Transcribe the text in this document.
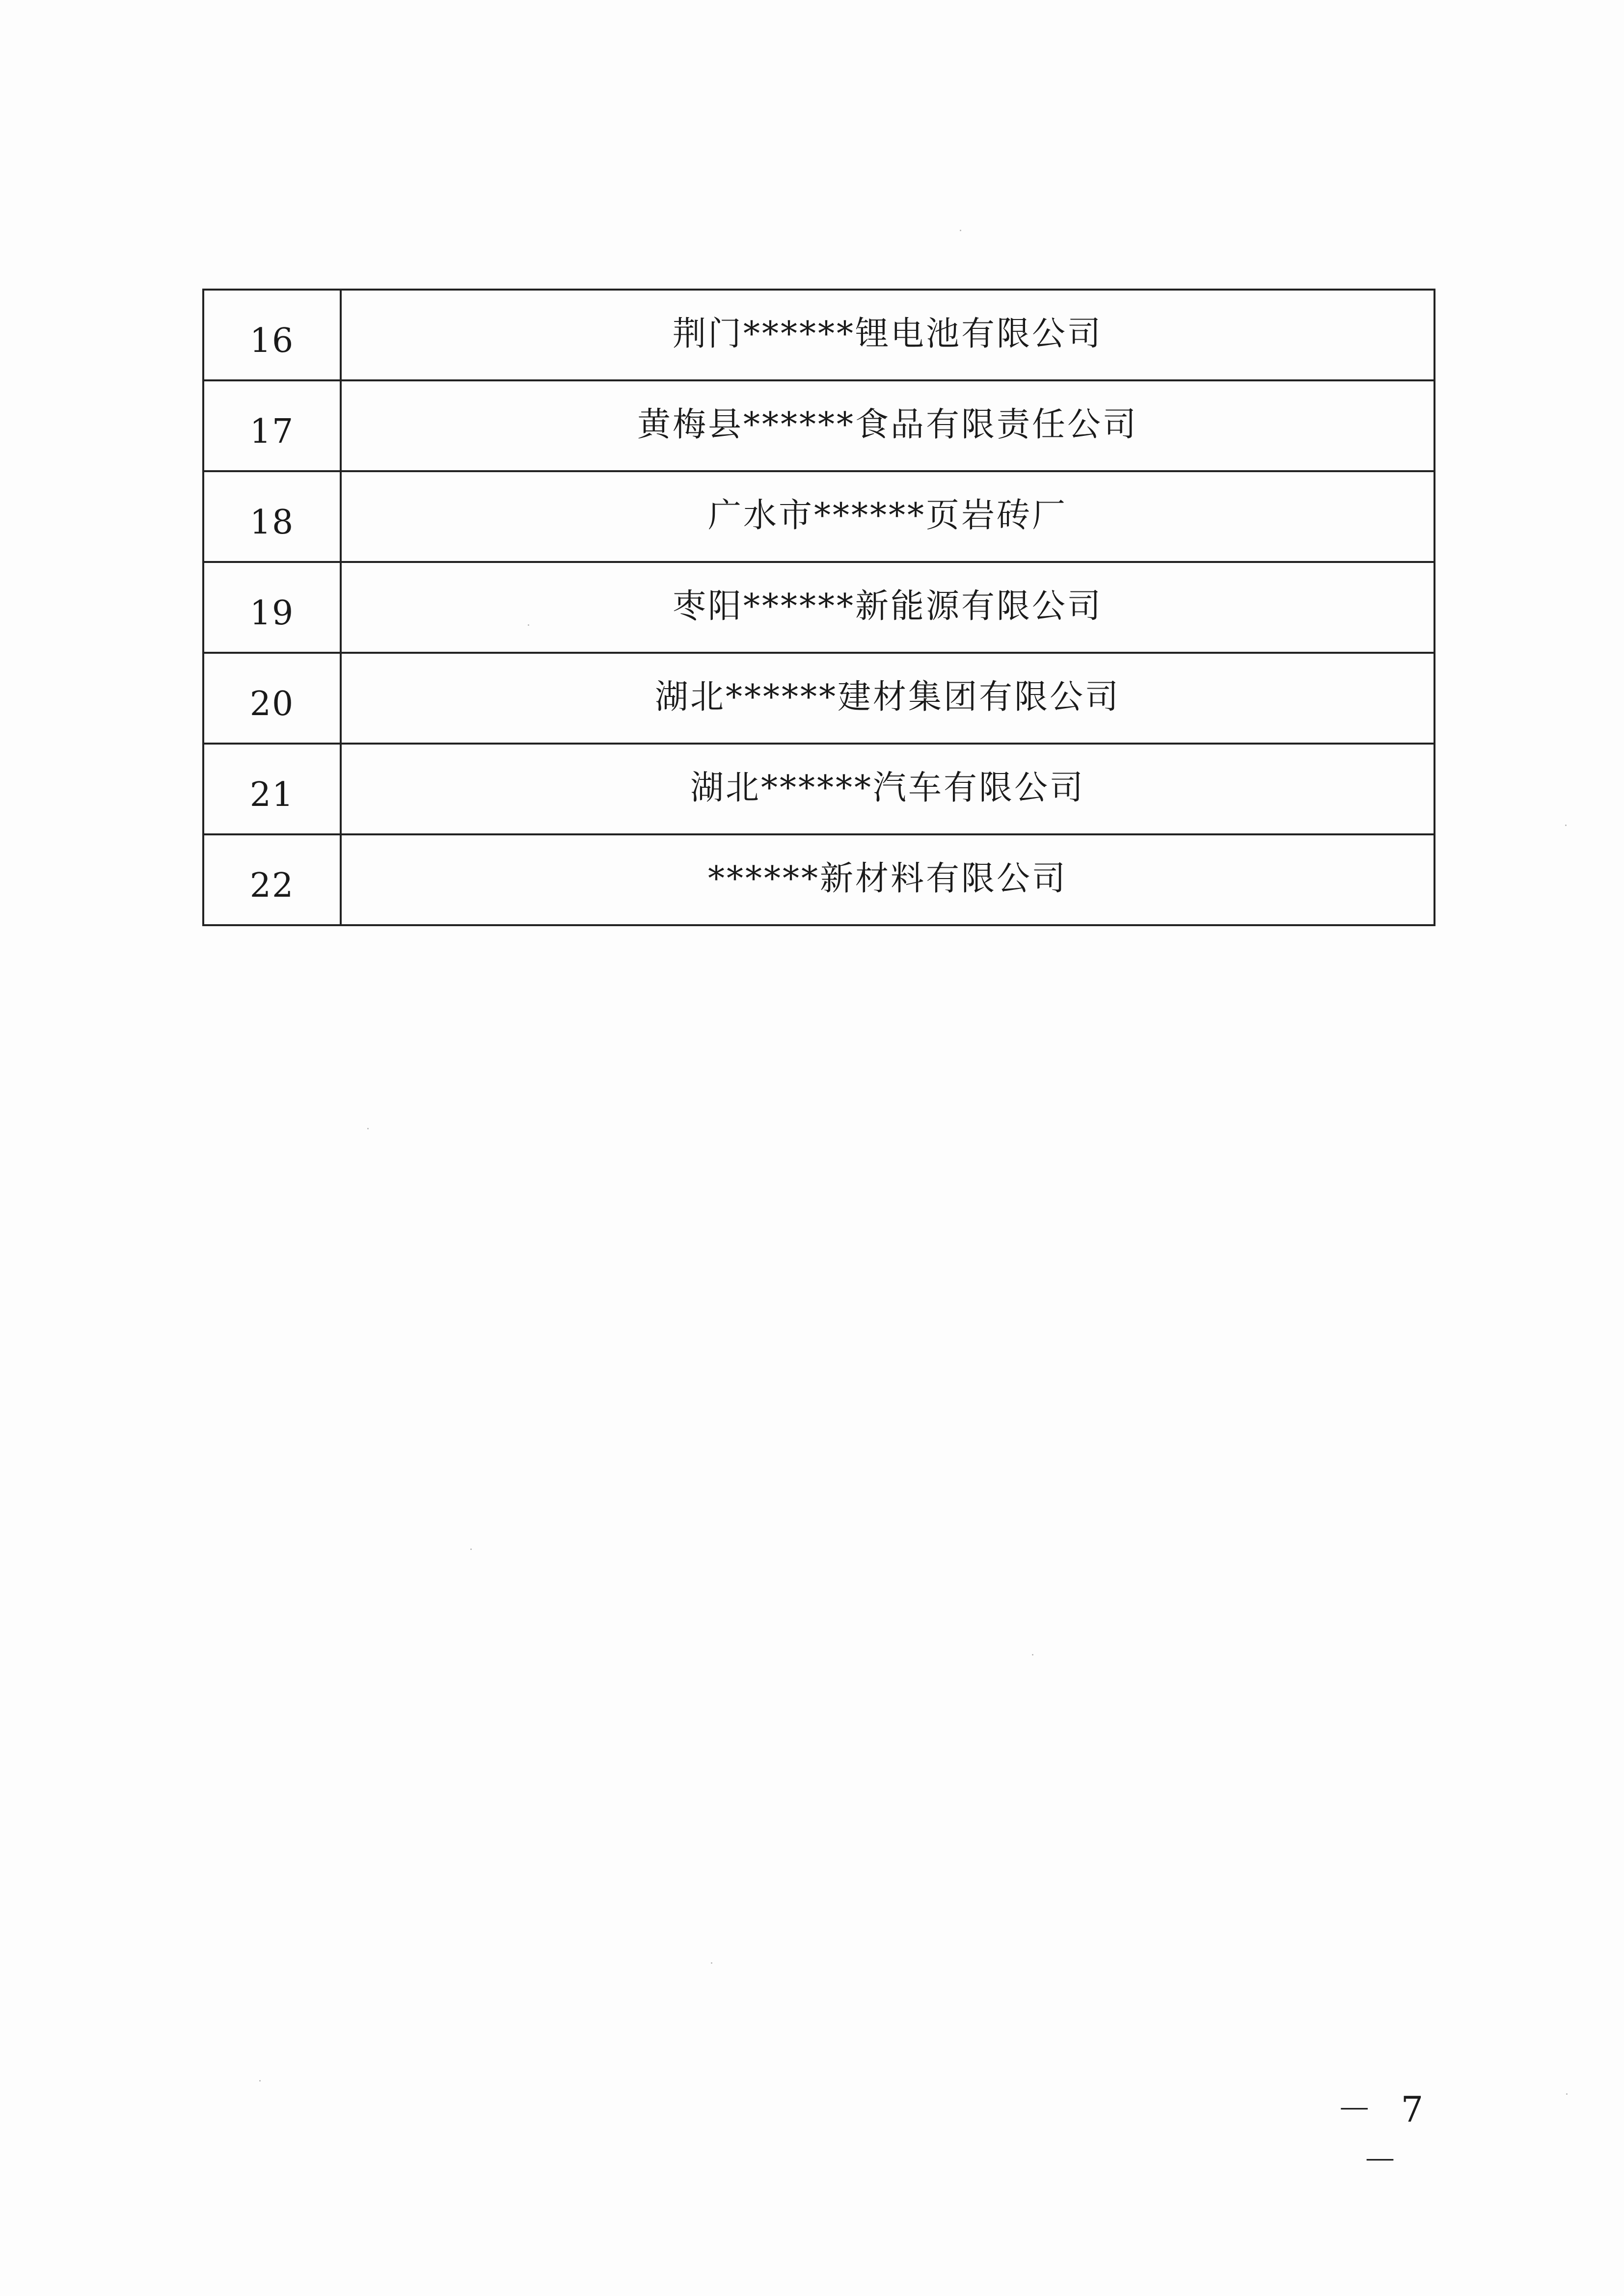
16	荆门******锂电池有限公司
17	黄梅县******食品有限责任公司
18	广水市******页岩砖厂
19	枣阳******新能源有限公司
20	湖北******建材集团有限公司
21	湖北******汽车有限公司
22	******新材料有限公司
－ 7 －
